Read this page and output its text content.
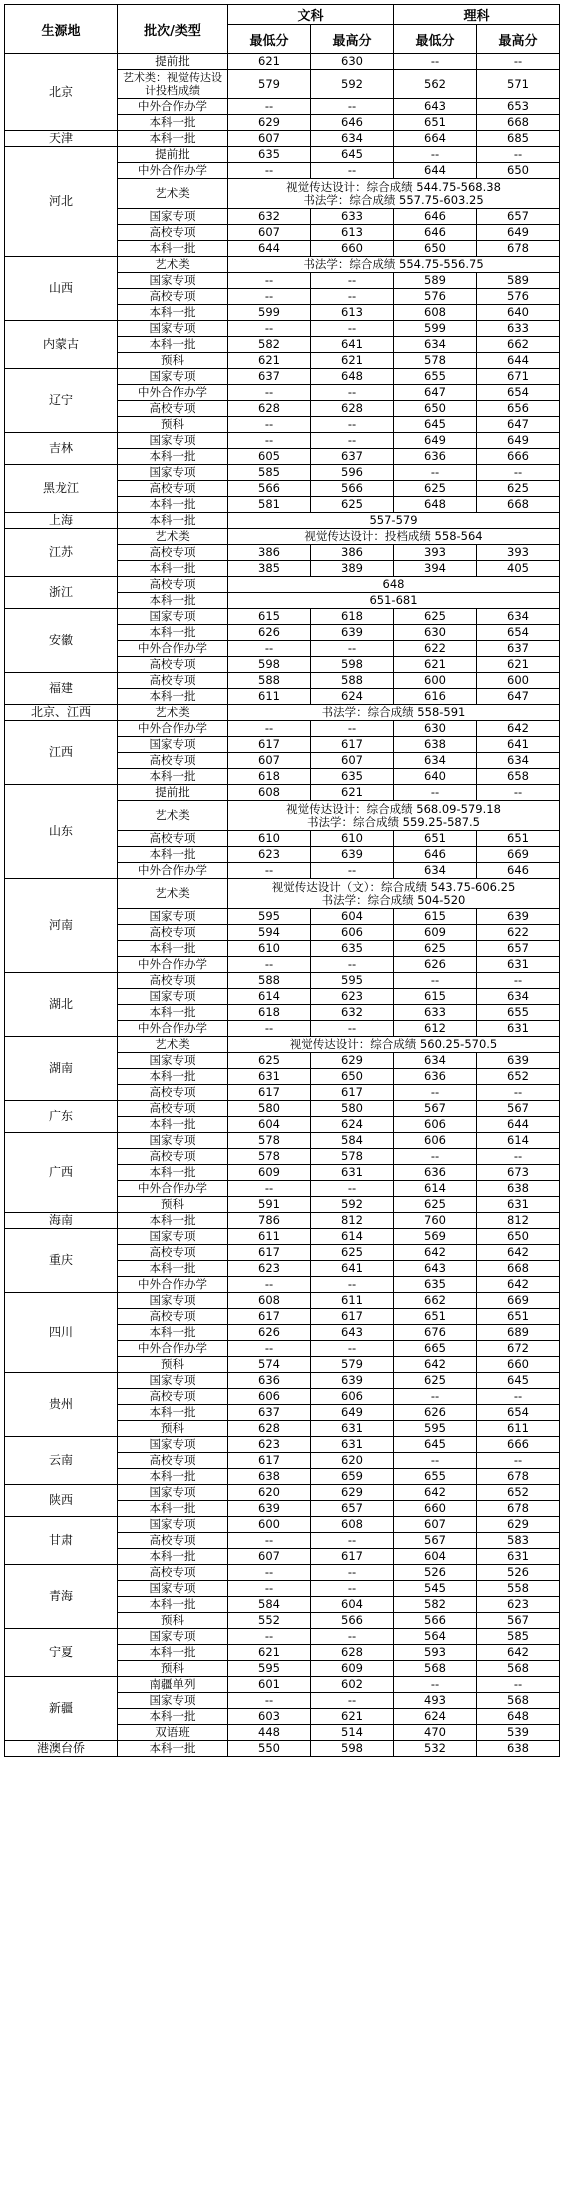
生源地	批次/类型	文科		理科	
		最低分	最高分	最低分	最高分
北京	提前批	621	630	--	--
	艺术类：视觉传达设计投档成绩	579	592	562	571
	中外合作办学	--	--	643	653
	本科一批	629	646	651	668
天津	本科一批	607	634	664	685
河北	提前批	635	645	--	--
	中外合作办学	--	--	644	650
	艺术类	视觉传达设计：综合成绩 544.75-568.38
书法学：综合成绩 557.75-603.25			

	国家专项	632	633	646	657
	高校专项	607	613	646	649
	本科一批	644	660	650	678
山西	艺术类	书法学：综合成绩 554.75-556.75			
	国家专项	--	--	589	589
	高校专项	--	--	576	576
	本科一批	599	613	608	640
内蒙古	国家专项	--	--	599	633
	本科一批	582	641	634	662
	预科	621	621	578	644
辽宁	国家专项	637	648	655	671
	中外合作办学	--	--	647	654
	高校专项	628	628	650	656
	预科	--	--	645	647
吉林	国家专项	--	--	649	649
	本科一批	605	637	636	666
黑龙江	国家专项	585	596	--	--
	高校专项	566	566	625	625
	本科一批	581	625	648	668
上海	本科一批	557-579			
江苏	艺术类	视觉传达设计：投档成绩 558-564			
	高校专项	386	386	393	393
	本科一批	385	389	394	405
浙江	高校专项	648			
	本科一批	651-681			
安徽	国家专项	615	618	625	634
	本科一批	626	639	630	654
	中外合作办学	--	--	622	637
	高校专项	598	598	621	621
福建	高校专项	588	588	600	600
	本科一批	611	624	616	647
北京、江西	艺术类	书法学：综合成绩 558-591			
江西	中外合作办学	--	--	630	642
	国家专项	617	617	638	641
	高校专项	607	607	634	634
	本科一批	618	635	640	658
山东	提前批	608	621	--	--
	艺术类	视觉传达设计：综合成绩 568.09-579.18
书法学：综合成绩 559.25-587.5			

	高校专项	610	610	651	651
	本科一批	623	639	646	669
	中外合作办学	--	--	634	646
河南	艺术类	视觉传达设计（文）：综合成绩 543.75-606.25
书法学：综合成绩 504-520			

	国家专项	595	604	615	639
	高校专项	594	606	609	622
	本科一批	610	635	625	657
	中外合作办学	--	--	626	631
湖北	高校专项	588	595	--	--
	国家专项	614	623	615	634
	本科一批	618	632	633	655
	中外合作办学	--	--	612	631
湖南	艺术类	视觉传达设计：综合成绩 560.25-570.5			
	国家专项	625	629	634	639
	本科一批	631	650	636	652
	高校专项	617	617	--	--
广东	高校专项	580	580	567	567
	本科一批	604	624	606	644
广西	国家专项	578	584	606	614
	高校专项	578	578	--	--
	本科一批	609	631	636	673
	中外合作办学	--	--	614	638
	预科	591	592	625	631
海南	本科一批	786	812	760	812
重庆	国家专项	611	614	569	650
	高校专项	617	625	642	642
	本科一批	623	641	643	668
	中外合作办学	--	--	635	642
四川	国家专项	608	611	662	669
	高校专项	617	617	651	651
	本科一批	626	643	676	689
	中外合作办学	--	--	665	672
	预科	574	579	642	660
贵州	国家专项	636	639	625	645
	高校专项	606	606	--	--
	本科一批	637	649	626	654
	预科	628	631	595	611
云南	国家专项	623	631	645	666
	高校专项	617	620	--	--
	本科一批	638	659	655	678
陕西	国家专项	620	629	642	652
	本科一批	639	657	660	678
甘肃	国家专项	600	608	607	629
	高校专项	--	--	567	583
	本科一批	607	617	604	631
青海	高校专项	--	--	526	526
	国家专项	--	--	545	558
	本科一批	584	604	582	623
	预科	552	566	566	567
宁夏	国家专项	--	--	564	585
	本科一批	621	628	593	642
	预科	595	609	568	568
新疆	南疆单列	601	602	--	--
	国家专项	--	--	493	568
	本科一批	603	621	624	648
	双语班	448	514	470	539
港澳台侨	本科一批	550	598	532	638
